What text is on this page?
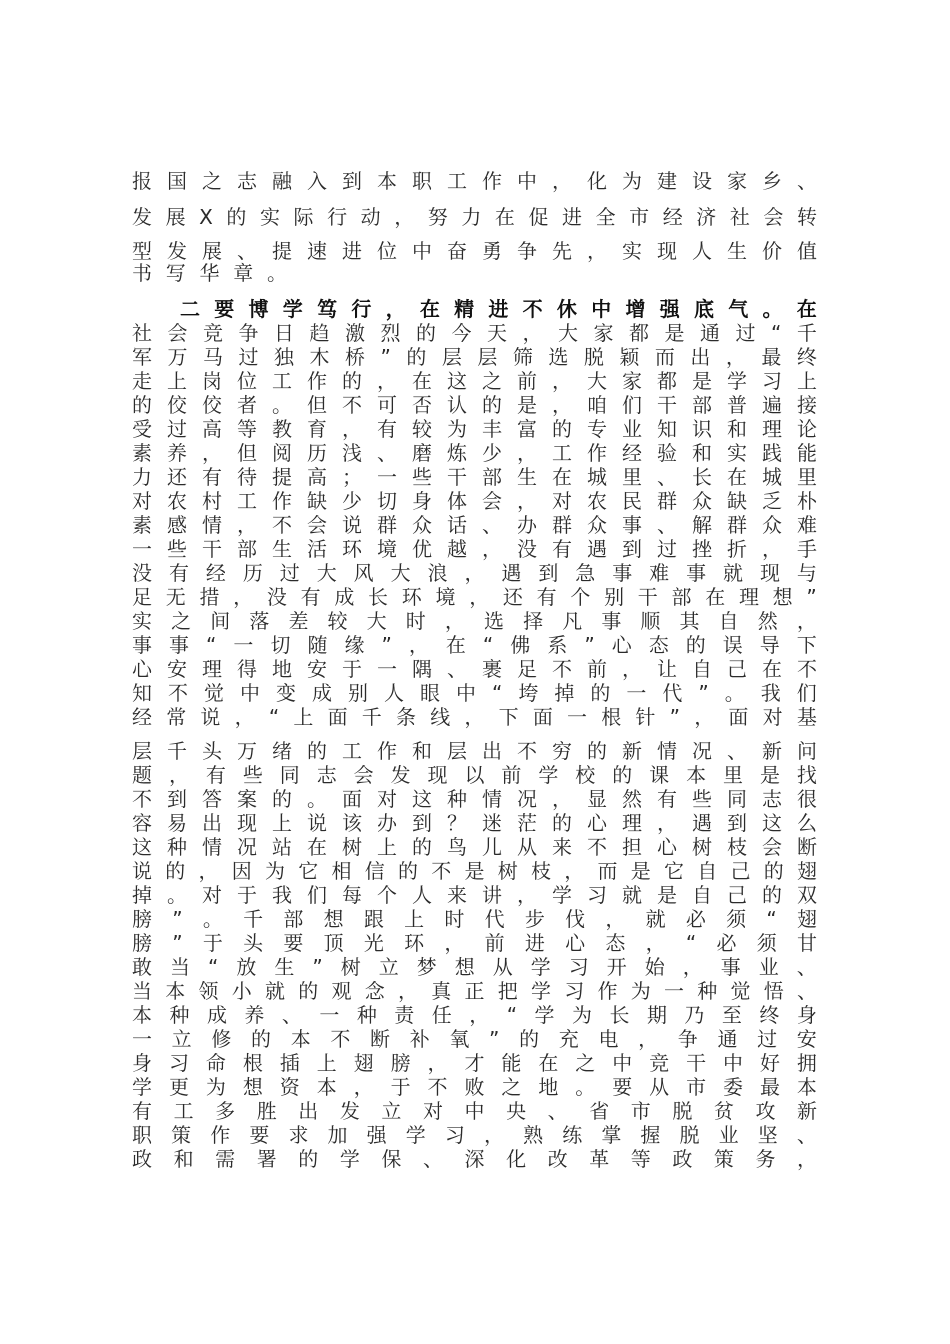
报 国 之 志 融 入 到 本 职 工 作 中 ， 化 为 建 设 家 乡 、
发 展 X 的 实 际 行 动 ， 努 力 在 促 进 全 市 经 济 社 会 转
型 发 展 、 提 速 进 位 中 奋 勇 争 先 ， 实 现 人 生 价 值
书 写 华 章 。
二 要 博 学 笃 行 ， 在 精 进 不 休 中 增 强 底 气 。 在
社 会 竞 争 日 趋 激 烈 的 今 天 ， 大 家 都 是 通 过 “ 千
军 万 马 过 独 木 桥 ” 的 层 层 筛 选 脱 颖 而 出 ， 最 终
走 上 岗 位 工 作 的 ， 在 这 之 前 ， 大 家 都 是 学 习 上
的 佼 佼 者 。 但 不 可 否 认 的 是 ， 咱 们 干 部 普 遍 接
受 过 高 等 教 育 ， 有 较 为 丰 富 的 专 业 知 识 和 理 论
素 养 ， 但 阅 历 浅 、 磨 炼 少 ， 工 作 经 验 和 实 践 能
力 还 有 待 提 高 ； 一 些 干 部 生 在 城 里 、 长 在 城 里
对 农 村 工 作 缺 少 切 身 体 会 ， 对 农 民 群 众 缺 乏 朴
素 感 情 ， 不 会 说 群 众 话 、 办 群 众 事 、 解 群 众 难
一 些 干 部 生 活 环 境 优 越 ， 没 有 遇 到 过 挫 折 ， 手
没 有 经 历 过 大 风 大 浪 ， 遇 到 急 事 难 事 就 现 与
足 无 措 ， 没 有 成 长 环 境 ， 还 有 个 别 干 部 在 理 想 ”
实 之 间 落 差 较 大 时 ， 选 择 凡 事 顺 其 自 然 ，
事 事 “ 一 切 随 缘 ” ， 在 “ 佛 系 ” 心 态 的 误 导 下
心 安 理 得 地 安 于 一 隅 、 裹 足 不 前 ， 让 自 己 在 不
知 不 觉 中 变 成 别 人 眼 中 “ 垮 掉 的 一 代 ” 。 我 们
经 常 说 ， “ 上 面 千 条 线 ， 下 面 一 根 针 ” ， 面 对 基
层 千 头 万 绪 的 工 作 和 层 出 不 穷 的 新 情 况 、 新 问
题 ， 有 些 同 志 会 发 现 以 前 学 校 的 课 本 里 是 找
不 到 答 案 的 。 面 对 这 种 情 况 ， 显 然 有 些 同 志 很
容 易 出 现 上 说 该 办 到 ？ 迷 茫 的 心 理 ， 遇 到 这 么
这 种 情 况 站 在 树 上 的 鸟 儿 从 来 不 担 心 树 枝 会 断
说 的 ， 因 为 它 相 信 的 不 是 树 枝 ， 而 是 它 自 己 的 翅
掉 。 对 于 我 们 每 个 人 来 讲 ， 学 习 就 是 自 己 的 双
膀 ” 。 千 部 想 跟 上 时 代 步 伐 ， 就 必 须 “ 翅
膀 ” 于 头 要 顶 光 环 ， 前 进 心 态 ， “ 必 须 甘
敢 当 “ 放 生 ” 树 立 梦 想 从 学 习 开 始 ， 事 业 、
当 本 领 小 就 的 观 念 ， 真 正 把 学 习 作 为 一 种 觉 悟 、
本 种 成 养 、 一 种 责 任 ， “ 学 为 长 期 乃 至 终 身
一 立 修 的 本 不 断 补 氧 ” 的 充 电 ， 争 通 过 安
身 习 命 根 插 上 翅 膀 ， 才 能 在 之 中 竞 干 中 好 拥
学 更 为 想 资 本 ， 于 不 败 之 地 。 要 从 市 委 最 本
有 工 多 胜 出 发 立 对 中 央 、 省 市 脱 贫 攻 新
职 策 作 要 求 加 强 学 习 ， 熟 练 掌 握 脱 业 坚 、
政 和 需 署 的 学 保 、 深 化 改 革 等 政 策 务 ，
